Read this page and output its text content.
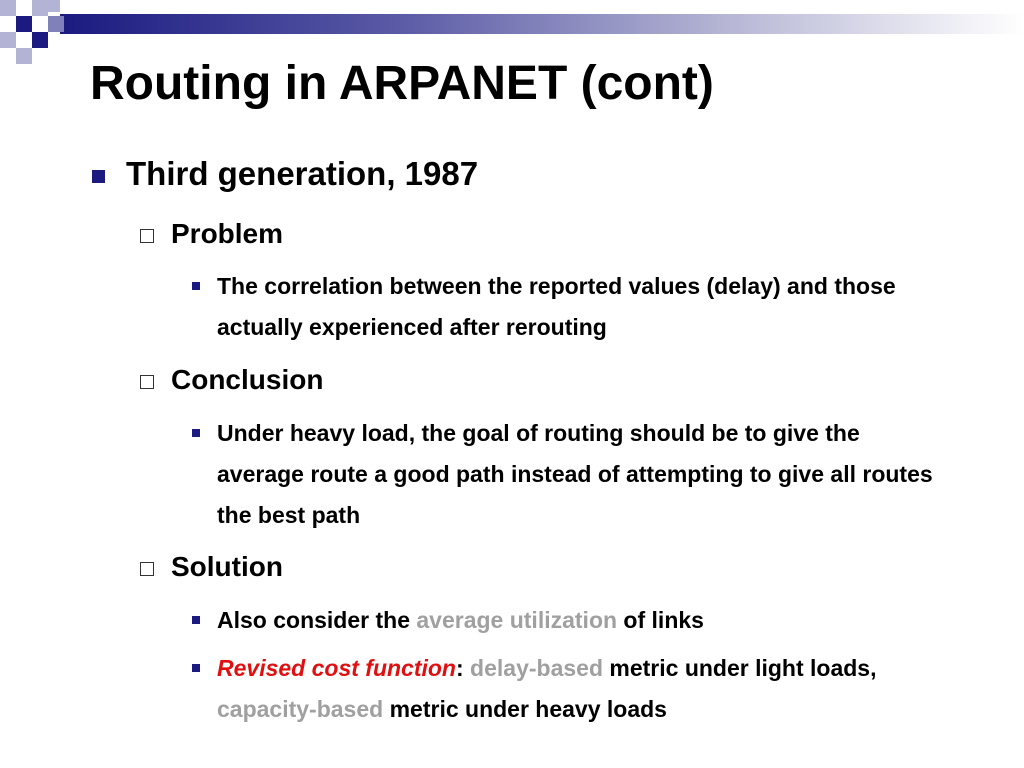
Routing in ARPANET (cont)
Third generation, 1987
Problem
The correlation between the reported values (delay) and those actually experienced after rerouting
Conclusion
Under heavy load, the goal of routing should be to give the average route a good path instead of attempting to give all routes the best path
Solution
Also consider the average utilization of links
Revised cost function: delay-based metric under light loads, capacity-based metric under heavy loads
